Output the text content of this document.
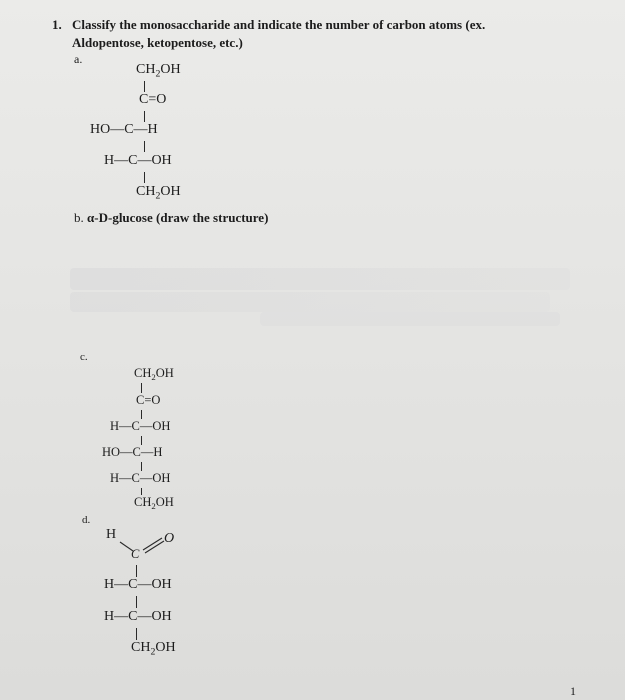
1. Classify the monosaccharide and indicate the number of carbon atoms (ex.
Aldopentose, ketopentose, etc.)
a.
$CH_2OH$
C=O
HO—C—H
H—C—OH
$CH_2OH$
b. α-D-glucose (draw the structure)
c.
$CH_2OH$
C=O
H—C—OH
HO—C—H
H—C—OH
$CH_2OH$
d.
H	O
C
H—C—OH
H—C—OH
$CH_2OH$
1
